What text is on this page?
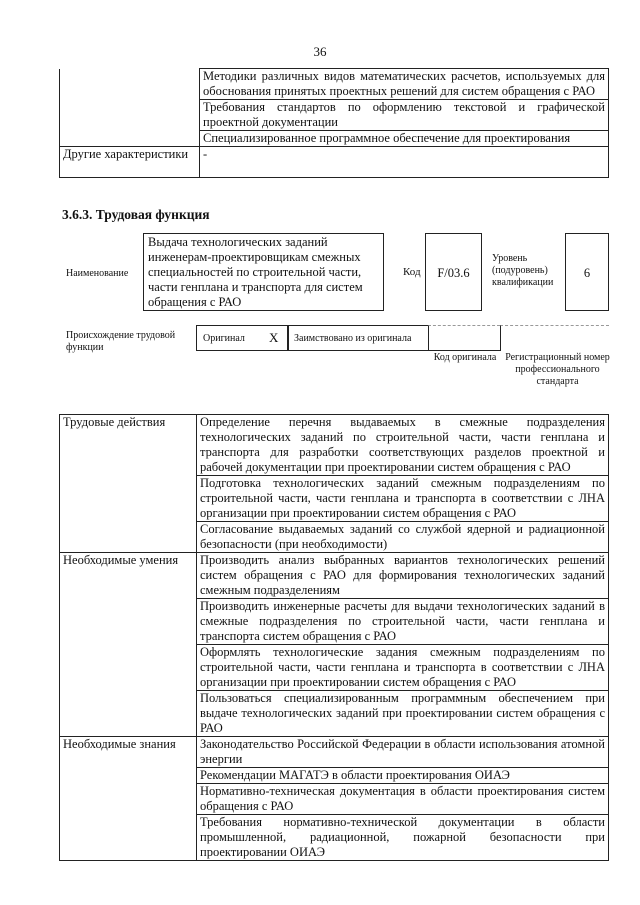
36
	Методики различных видов математических расчетов, используемых для обоснования принятых проектных решений для систем обращения с РАО
	Требования стандартов по оформлению текстовой и графической проектной документации
	Специализированное программное обеспечение для проектирования
Другие характеристики	-
3.6.3. Трудовая функция
Наименование
Выдача технологических заданий инженерам-проектировщикам смежных специальностей по строительной части, части генплана и транспорта для систем обращения с РАО
Код	F/03.6
Уровень (подуровень) квалификации
6
Происхождение трудовой функции
Оригинал X Заимствовано из оригинала
Код оригинала Регистрационный номер профессионального стандарта
Трудовые действия	Определение перечня выдаваемых в смежные подразделения технологических заданий по строительной части, части генплана и транспорта для разработки соответствующих разделов проектной и рабочей документации при проектировании систем обращения с РАО
	Подготовка технологических заданий смежным подразделениям по строительной части, части генплана и транспорта в соответствии с ЛНА организации при проектировании систем обращения с РАО
	Согласование выдаваемых заданий со службой ядерной и радиационной безопасности (при необходимости)
Необходимые умения	Производить анализ выбранных вариантов технологических решений систем обращения с РАО для формирования технологических заданий смежным подразделениям
	Производить инженерные расчеты для выдачи технологических заданий в смежные подразделения по строительной части, части генплана и транспорта систем обращения с РАО
	Оформлять технологические задания смежным подразделениям по строительной части, части генплана и транспорта в соответствии с ЛНА организации при проектировании систем обращения с РАО
	Пользоваться специализированным программным обеспечением при выдаче технологических заданий при проектировании систем обращения с РАО
Необходимые знания	Законодательство Российской Федерации в области использования атомной энергии
	Рекомендации МАГАТЭ в области проектирования ОИАЭ
	Нормативно-техническая документация в области проектирования систем обращения с РАО
	Требования нормативно-технической документации в области промышленной, радиационной, пожарной безопасности при проектировании ОИАЭ
